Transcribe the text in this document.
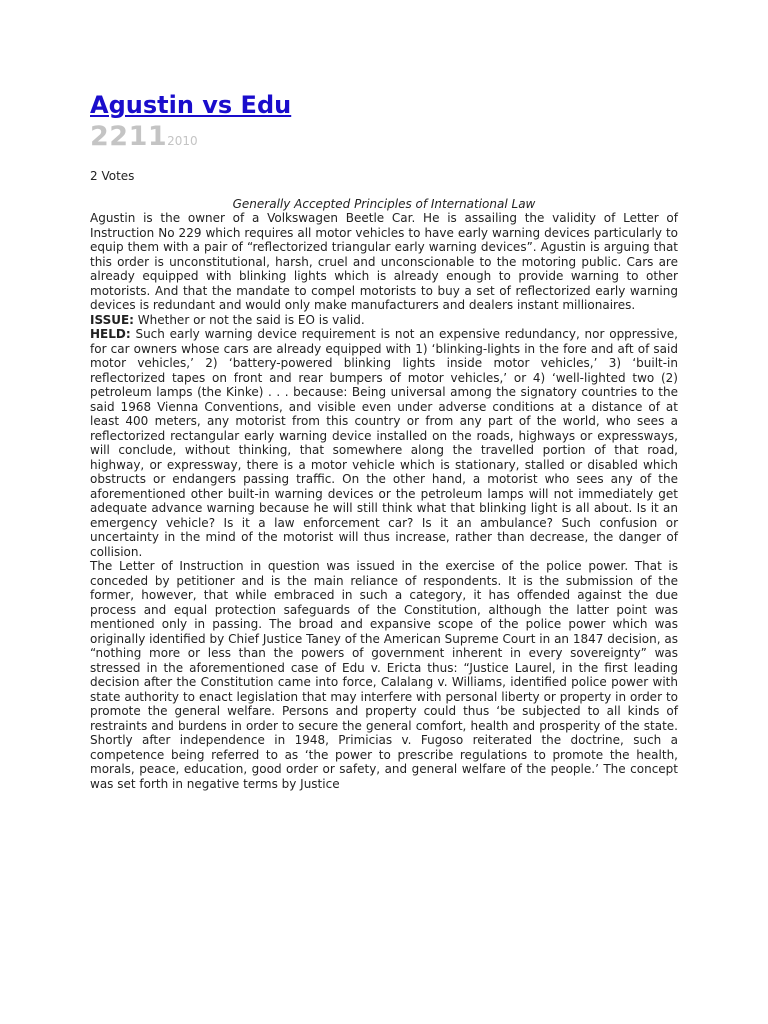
Agustin vs Edu
22112010
2 Votes
Generally Accepted Principles of International Law

Agustin is the owner of a Volkswagen Beetle Car. He is assailing the validity of Letter of Instruction No 229 which requires all motor vehicles to have early warning devices particularly to equip them with a pair of “reflectorized triangular early warning devices”. Agustin is arguing that this order is unconstitutional, harsh, cruel and unconscionable to the motoring public. Cars are already equipped with blinking lights which is already enough to provide warning to other motorists. And that the mandate to compel motorists to buy a set of reflectorized early warning devices is redundant and would only make manufacturers and dealers instant millionaires.

ISSUE: Whether or not the said is EO is valid.

HELD: Such early warning device requirement is not an expensive redundancy, nor oppressive, for car owners whose cars are already equipped with 1) ‘blinking-lights in the fore and aft of said motor vehicles,’ 2) ‘battery-powered blinking lights inside motor vehicles,’ 3) ‘built-in reflectorized tapes on front and rear bumpers of motor vehicles,’ or 4) ‘well-lighted two (2) petroleum lamps (the Kinke) . . . because: Being universal among the signatory countries to the said 1968 Vienna Conventions, and visible even under adverse conditions at a distance of at least 400 meters, any motorist from this country or from any part of the world, who sees a reflectorized rectangular early warning device installed on the roads, highways or expressways, will conclude, without thinking, that somewhere along the travelled portion of that road, highway, or expressway, there is a motor vehicle which is stationary, stalled or disabled which obstructs or endangers passing traffic. On the other hand, a motorist who sees any of the aforementioned other built-in warning devices or the petroleum lamps will not immediately get adequate advance warning because he will still think what that blinking light is all about. Is it an emergency vehicle? Is it a law enforcement car? Is it an ambulance? Such confusion or uncertainty in the mind of the motorist will thus increase, rather than decrease, the danger of collision.

The Letter of Instruction in question was issued in the exercise of the police power. That is conceded by petitioner and is the main reliance of respondents. It is the submission of the former, however, that while embraced in such a category, it has offended against the due process and equal protection safeguards of the Constitution, although the latter point was mentioned only in passing. The broad and expansive scope of the police power which was originally identified by Chief Justice Taney of the American Supreme Court in an 1847 decision, as “nothing more or less than the powers of government inherent in every sovereignty” was stressed in the aforementioned case of Edu v. Ericta thus: “Justice Laurel, in the first leading decision after the Constitution came into force, Calalang v. Williams, identified police power with state authority to enact legislation that may interfere with personal liberty or property in order to promote the general welfare. Persons and property could thus ‘be subjected to all kinds of restraints and burdens in order to secure the general comfort, health and prosperity of the state. Shortly after independence in 1948, Primicias v. Fugoso reiterated the doctrine, such a competence being referred to as ‘the power to prescribe regulations to promote the health, morals, peace, education, good order or safety, and general welfare of the people.’ The concept was set forth in negative terms by Justice
